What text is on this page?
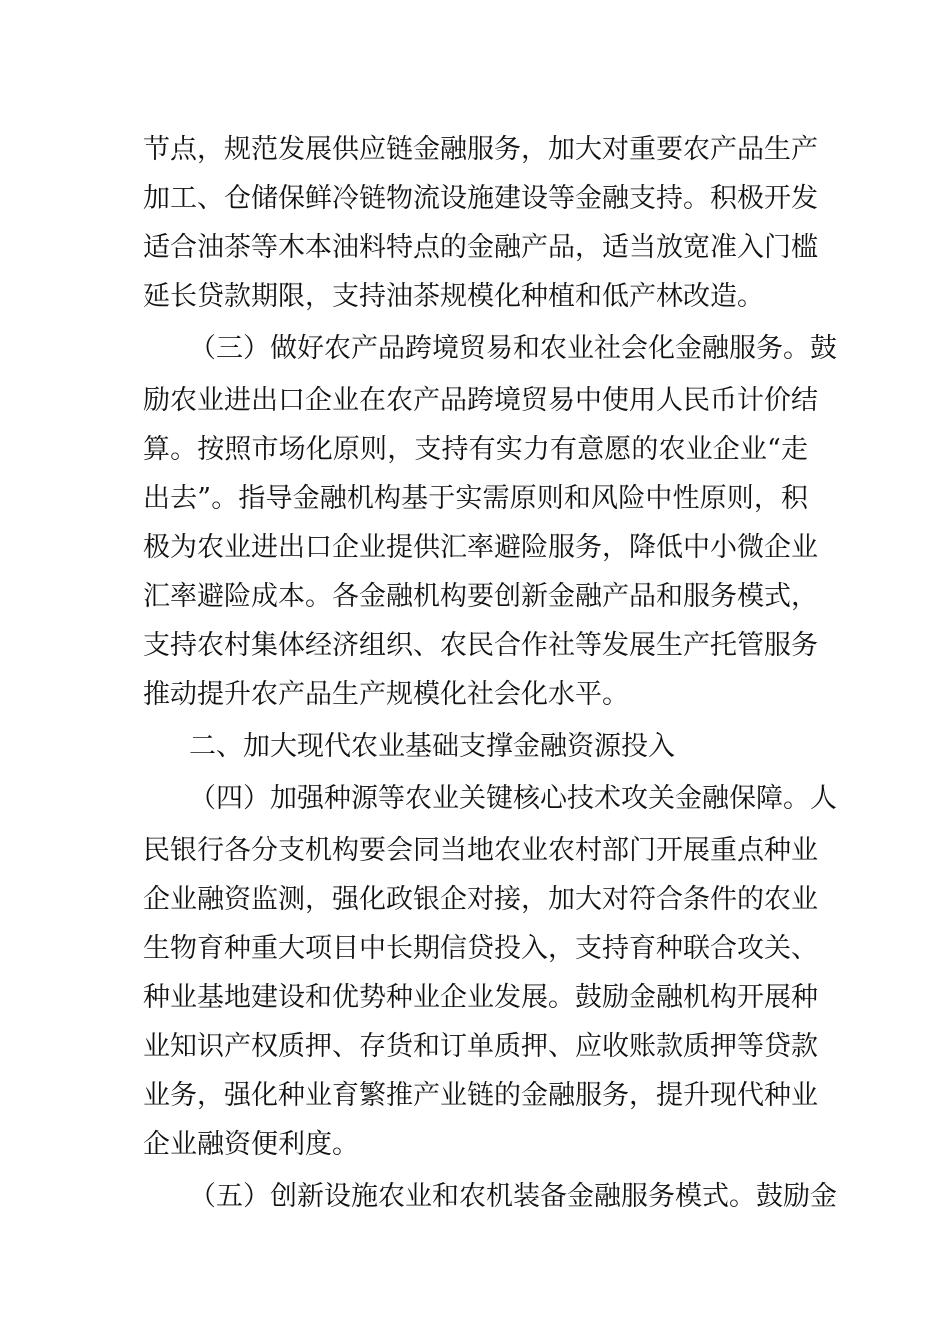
节点，规范发展供应链金融服务，加大对重要农产品生产
加工、仓储保鲜冷链物流设施建设等金融支持。积极开发
适合油茶等木本油料特点的金融产品，适当放宽准入门槛
延长贷款期限，支持油茶规模化种植和低产林改造。
（三）做好农产品跨境贸易和农业社会化金融服务。鼓
励农业进出口企业在农产品跨境贸易中使用人民币计价结
算。按照市场化原则，支持有实力有意愿的农业企业“走
出去”。指导金融机构基于实需原则和风险中性原则，积
极为农业进出口企业提供汇率避险服务，降低中小微企业
汇率避险成本。各金融机构要创新金融产品和服务模式，
支持农村集体经济组织、农民合作社等发展生产托管服务
推动提升农产品生产规模化社会化水平。
二、加大现代农业基础支撑金融资源投入
（四）加强种源等农业关键核心技术攻关金融保障。人
民银行各分支机构要会同当地农业农村部门开展重点种业
企业融资监测，强化政银企对接，加大对符合条件的农业
生物育种重大项目中长期信贷投入，支持育种联合攻关、
种业基地建设和优势种业企业发展。鼓励金融机构开展种
业知识产权质押、存货和订单质押、应收账款质押等贷款
业务，强化种业育繁推产业链的金融服务，提升现代种业
企业融资便利度。
（五）创新设施农业和农机装备金融服务模式。鼓励金
